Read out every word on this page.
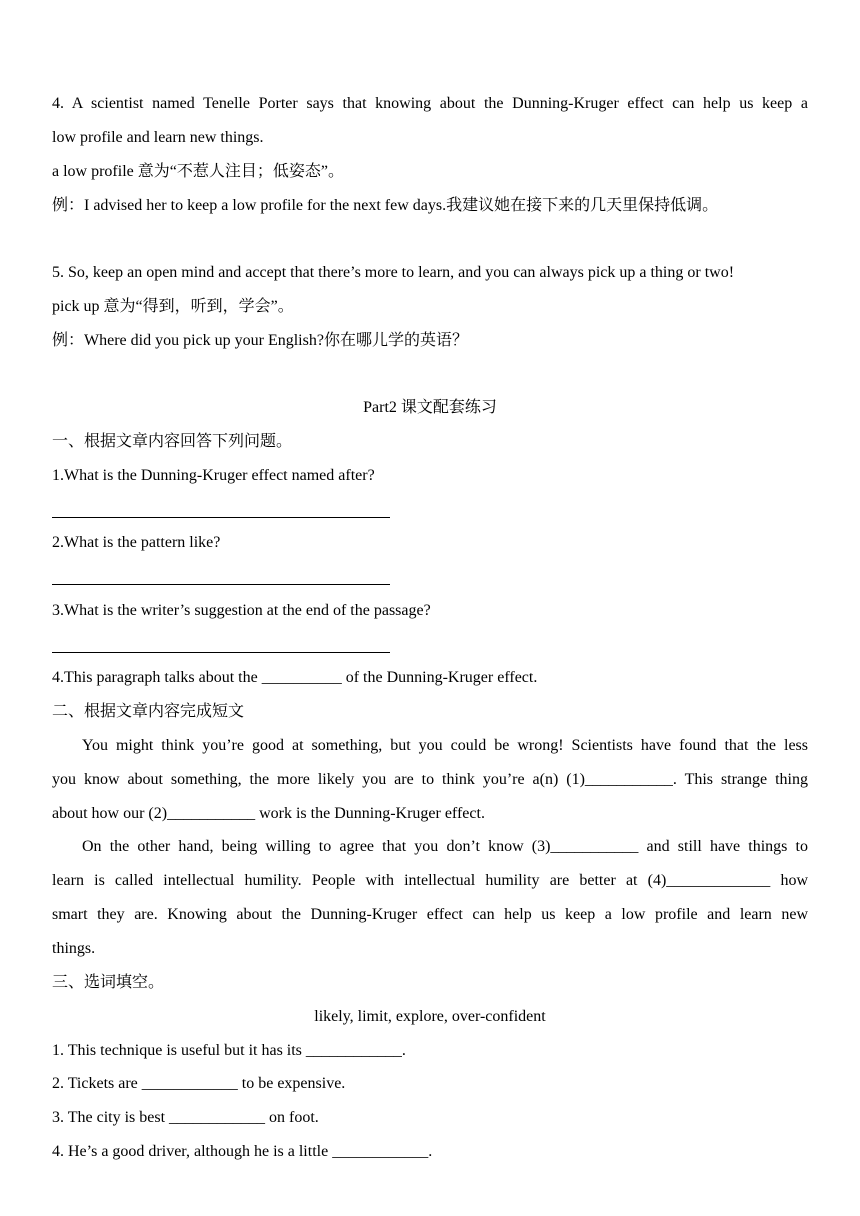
4. A scientist named Tenelle Porter says that knowing about the Dunning-Kruger effect can help us keep a
low profile and learn new things.
a low profile 意为“不惹人注目；低姿态”。
例：I advised her to keep a low profile for the next few days.我建议她在接下来的几天里保持低调。
5. So, keep an open mind and accept that there’s more to learn, and you can always pick up a thing or two!
pick up 意为“得到，听到，学会”。
例：Where did you pick up your English?你在哪儿学的英语？
Part2 课文配套练习
一、根据文章内容回答下列问题。
1.What is the Dunning-Kruger effect named after?
2.What is the pattern like?
3.What is the writer’s suggestion at the end of the passage?
4.This paragraph talks about the __________ of the Dunning-Kruger effect.
二、根据文章内容完成短文
You might think you’re good at something, but you could be wrong! Scientists have found that the less
you know about something, the more likely you are to think you’re a(n) (1)___________. This strange thing
about how our (2)___________ work is the Dunning-Kruger effect.
On the other hand, being willing to agree that you don’t know (3)___________ and still have things to
learn is called intellectual humility. People with intellectual humility are better at (4)_____________ how
smart they are. Knowing about the Dunning-Kruger effect can help us keep a low profile and learn new
things.
三、选词填空。
likely, limit, explore, over-confident
1. This technique is useful but it has its ____________.
2. Tickets are ____________ to be expensive.
3. The city is best ____________ on foot.
4. He’s a good driver, although he is a little ____________.
